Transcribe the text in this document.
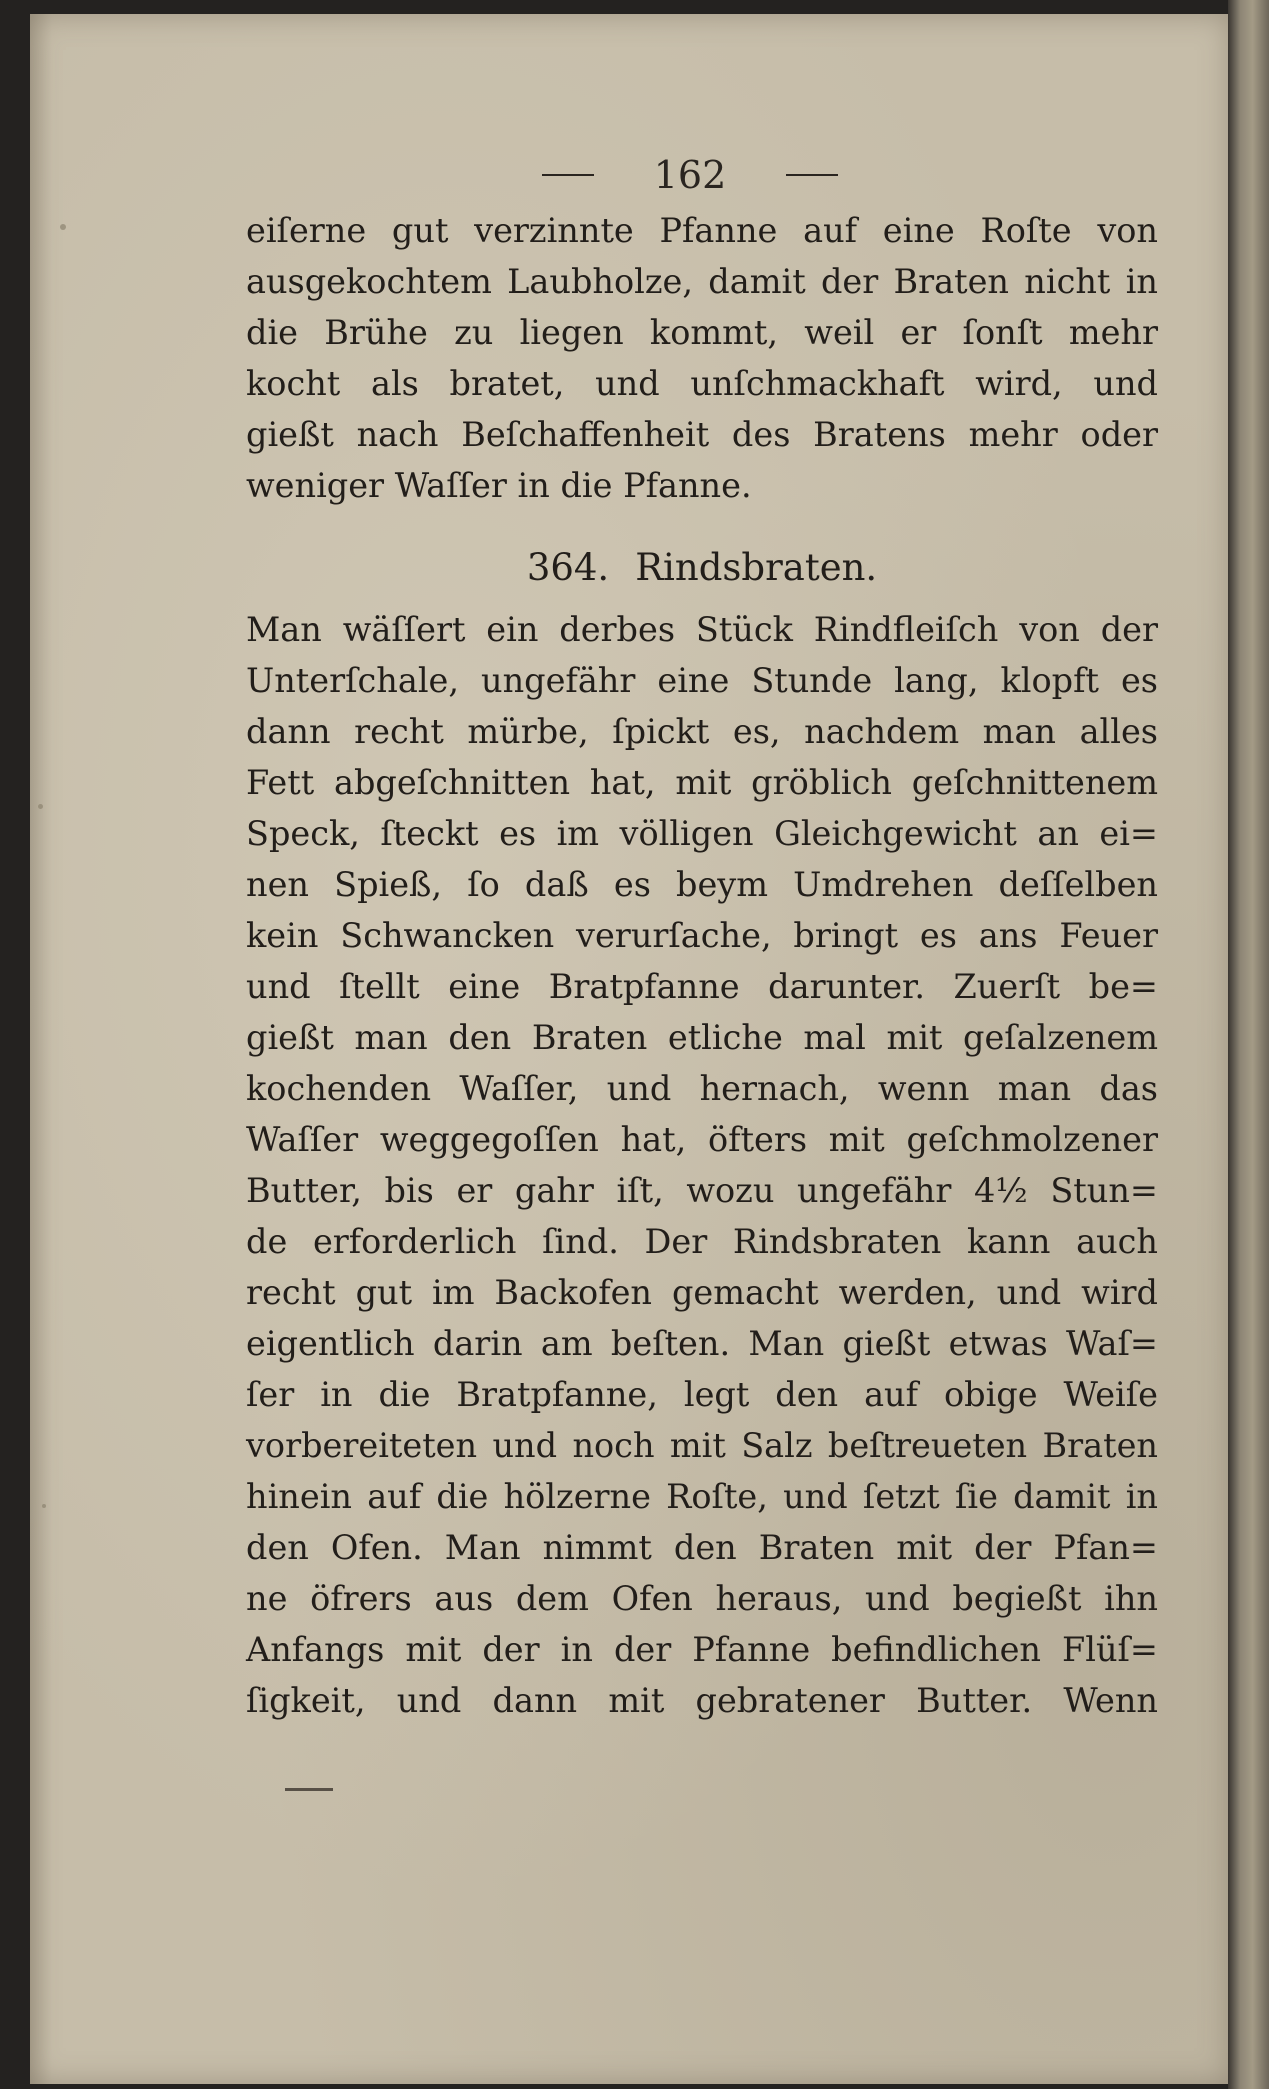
162
eiſerne gut verzinnte Pfanne auf eine Roſte von
ausgekochtem Laubholze, damit der Braten nicht in
die Brühe zu liegen kommt, weil er ſonſt mehr
kocht als bratet, und unſchmackhaft wird, und
gießt nach Beſchaffenheit des Bratens mehr oder
weniger Waſſer in die Pfanne.
364. Rindsbraten.
Man wäſſert ein derbes Stück Rindfleiſch von der
Unterſchale, ungefähr eine Stunde lang, klopft es
dann recht mürbe, ſpickt es, nachdem man alles
Fett abgeſchnitten hat, mit gröblich geſchnittenem
Speck, ſteckt es im völligen Gleichgewicht an ei=
nen Spieß, ſo daß es beym Umdrehen deſſelben
kein Schwancken verurſache, bringt es ans Feuer
und ſtellt eine Bratpfanne darunter. Zuerſt be=
gießt man den Braten etliche mal mit geſalzenem
kochenden Waſſer, und hernach, wenn man das
Waſſer weggegoſſen hat, öfters mit geſchmolzener
Butter, bis er gahr iſt, wozu ungefähr 4½ Stun=
de erforderlich ſind. Der Rindsbraten kann auch
recht gut im Backofen gemacht werden, und wird
eigentlich darin am beſten. Man gießt etwas Waſ=
ſer in die Bratpfanne, legt den auf obige Weiſe
vorbereiteten und noch mit Salz beſtreueten Braten
hinein auf die hölzerne Roſte, und ſetzt ſie damit in
den Ofen. Man nimmt den Braten mit der Pfan=
ne öfrers aus dem Ofen heraus, und begießt ihn
Anfangs mit der in der Pfanne befindlichen Flüſ=
ſigkeit, und dann mit gebratener Butter. Wenn
